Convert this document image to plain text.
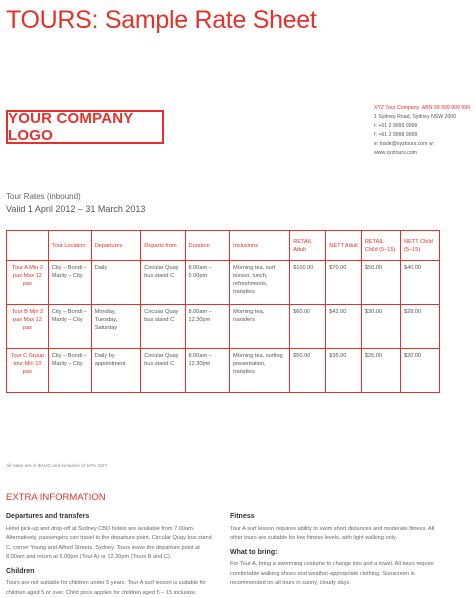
TOURS: Sample Rate Sheet
YOUR COMPANY LOGO
XYZ Tour Company ABN 99 999 999 999
1 Sydney Road, Sydney NSW 2000
t: +61 2 9999 9999
f: +61 2 9999 9999
e: trade@xyztours.com w: www.xyztours.com
Tour Rates (inbound)
Valid 1 April 2012 – 31 March 2013
	Tour Location	Departures	Departs from	Duration	Inclusions	RETAIL Adult	NETT Adult	RETAIL Child (5–15)	NETT Child (5–15)
Tour A Min 2 pax Max 12 pax	City – Bondi – Manly – City	Daily	Circular Quay bus stand C	8.00am – 5.00pm	Morning tea, surf lesson, lunch, refreshments, transfers	$100.00	$70.00	$50.00	$40.00
Tour B Min 2 pax Max 12 pax	City – Bondi – Manly – City	Monday, Tuesday, Saturday	Circular Quay bus stand C	8.00am – 12.30pm	Morning tea, transfers	$60.00	$42.00	$30.00	$28.00
Tour C Group tour Min 10 pax	City – Bondi – Manly – City	Daily by appointment	Circular Quay bus stand C	8.00am – 12.30pm	Morning tea, surfing presentation, transfers	$50.00	$35.00	$25.00	$20.00
All rates are in $AUD and inclusive of 10% GST.
EXTRA INFORMATION
Departures and transfers
Hotel pick-up and drop-off at Sydney CBD hotels are available from 7.00am. Alternatively, passengers can travel to the departure point, Circular Quay bus stand C, corner Young and Alfred Streets, Sydney. Tours leave the departure point at 8.00am and return at 5.00pm (Tour A) or 12.30pm (Tours B and C).
Children
Tours are not suitable for children under 5 years. Tour A surf lesson is suitable for children aged 5 or over. Child price applies for children aged 5 – 15 inclusive.
Fitness
Tour A surf lesson requires ability to swim short distances and moderate fitness. All other tours are suitable for low fitness levels, with light walking only.
What to bring:
For Tour A, bring a swimming costume to change into and a towel. All tours require comfortable walking shoes and weather-appropriate clothing. Sunscreen is recommended on all tours in sunny, cloudy days.
